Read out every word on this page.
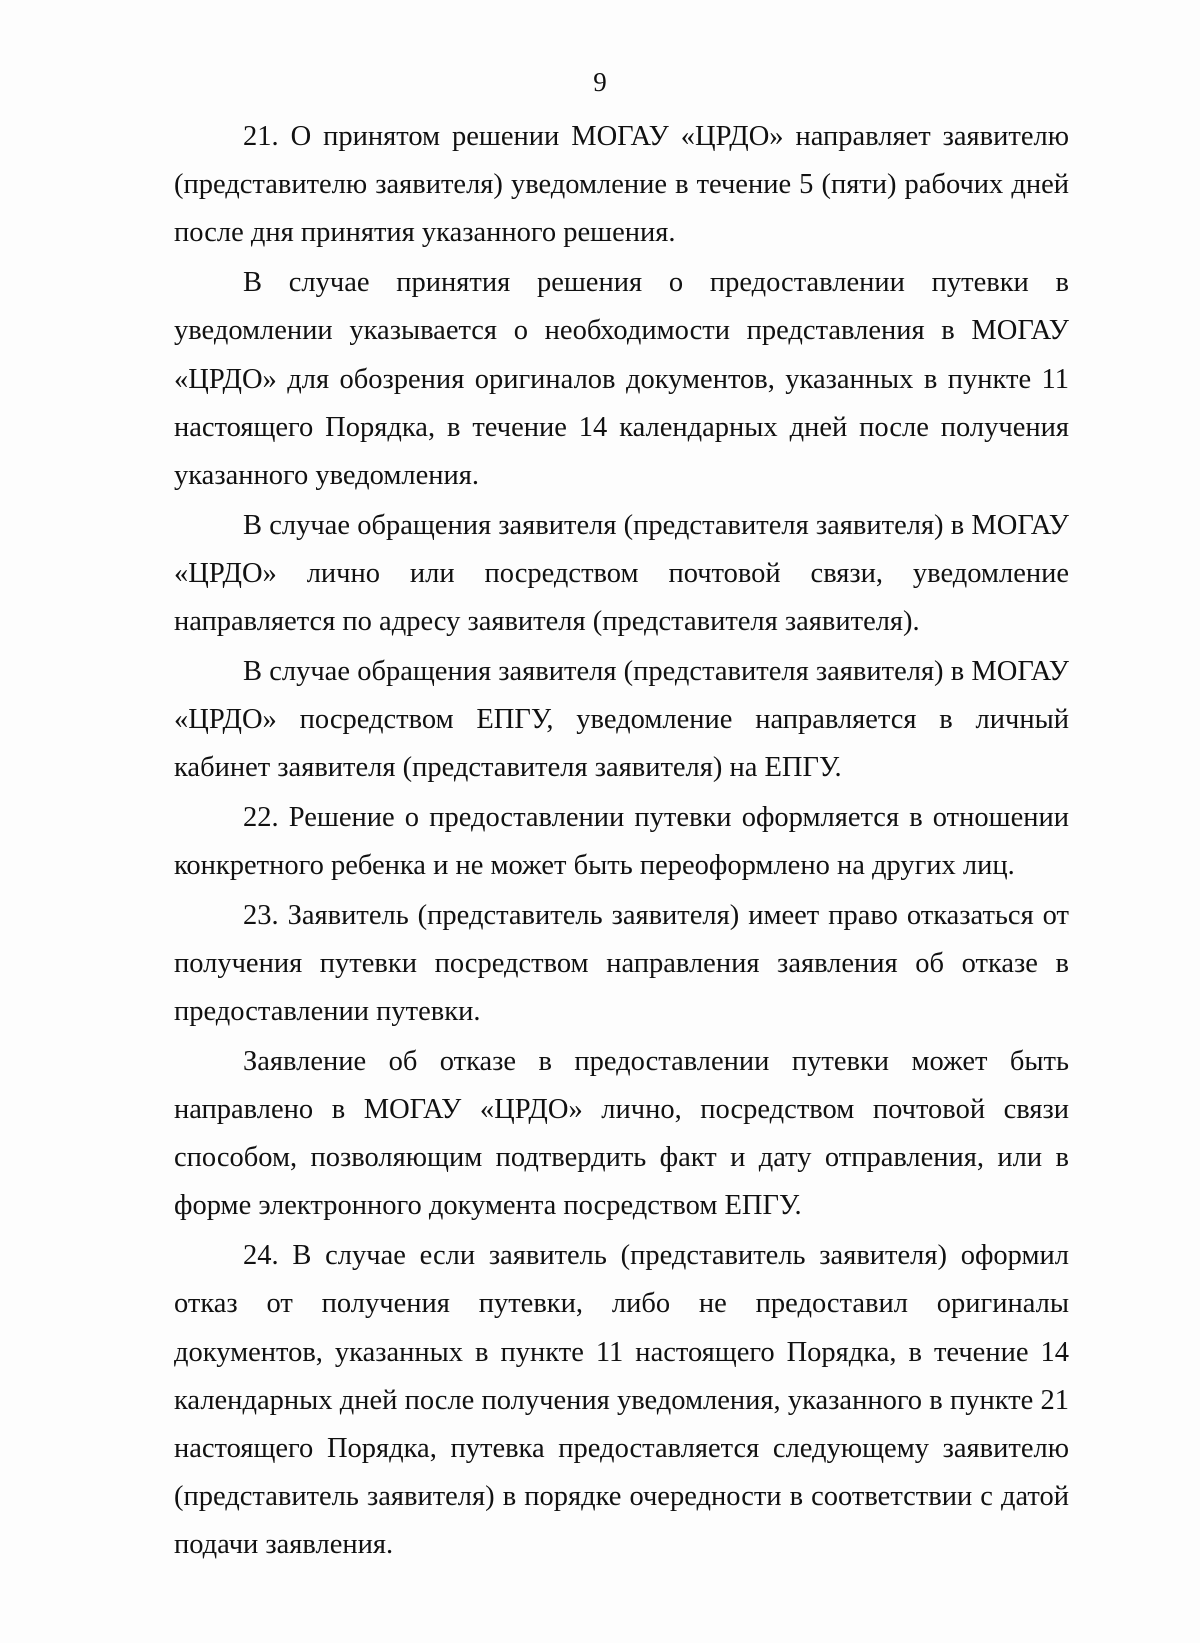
9

21. О принятом решении МОГАУ «ЦРДО» направляет заявителю (представителю заявителя) уведомление в течение 5 (пяти) рабочих дней после дня принятия указанного решения.

В случае принятия решения о предоставлении путевки в уведомлении указывается о необходимости представления в МОГАУ «ЦРДО» для обозрения оригиналов документов, указанных в пункте 11 настоящего Порядка, в течение 14 календарных дней после получения указанного уведомления.

В случае обращения заявителя (представителя заявителя) в МОГАУ «ЦРДО» лично или посредством почтовой связи, уведомление направляется по адресу заявителя (представителя заявителя).

В случае обращения заявителя (представителя заявителя) в МОГАУ «ЦРДО» посредством ЕПГУ, уведомление направляется в личный кабинет заявителя (представителя заявителя) на ЕПГУ.

22. Решение о предоставлении путевки оформляется в отношении конкретного ребенка и не может быть переоформлено на других лиц.

23. Заявитель (представитель заявителя) имеет право отказаться от получения путевки посредством направления заявления об отказе в предоставлении путевки.

Заявление об отказе в предоставлении путевки может быть направлено в МОГАУ «ЦРДО» лично, посредством почтовой связи способом, позволяющим подтвердить факт и дату отправления, или в форме электронного документа посредством ЕПГУ.

24. В случае если заявитель (представитель заявителя) оформил отказ от получения путевки, либо не предоставил оригиналы документов, указанных в пункте 11 настоящего Порядка, в течение 14 календарных дней после получения уведомления, указанного в пункте 21 настоящего Порядка, путевка предоставляется следующему заявителю (представитель заявителя) в порядке очередности в соответствии с датой подачи заявления.
